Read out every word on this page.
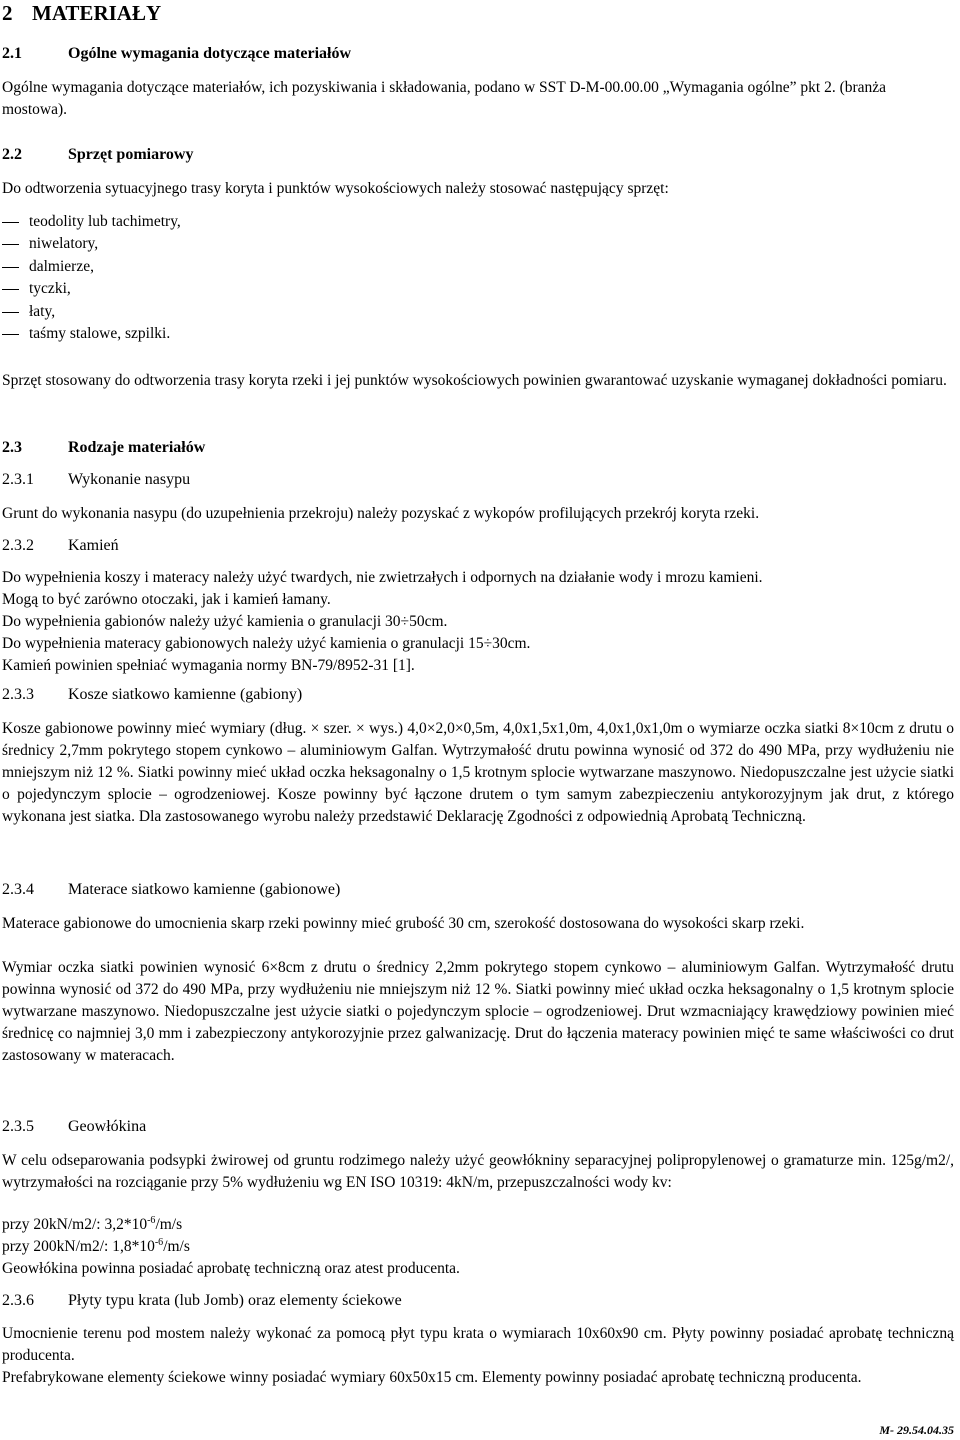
2 MATERIAŁY
2.1	Ogólne wymagania dotyczące materiałów
Ogólne wymagania dotyczące materiałów, ich pozyskiwania i składowania, podano w SST D-M-00.00.00 „Wymagania ogólne” pkt 2. (branża mostowa).
2.2	Sprzęt pomiarowy
Do odtworzenia sytuacyjnego trasy koryta i punktów wysokościowych należy stosować następujący sprzęt:
teodolity lub tachimetry,
niwelatory,
dalmierze,
tyczki,
łaty,
taśmy stalowe, szpilki.
Sprzęt stosowany do odtworzenia trasy koryta rzeki i jej punktów wysokościowych powinien gwarantować uzyskanie wymaganej dokładności pomiaru.
2.3	Rodzaje materiałów
2.3.1 Wykonanie nasypu
Grunt do wykonania nasypu (do uzupełnienia przekroju) należy pozyskać z wykopów profilujących przekrój koryta rzeki.
2.3.2 Kamień
Do wypełnienia koszy i materacy należy użyć twardych, nie zwietrzałych i odpornych na działanie wody i mrozu kamieni.
Mogą to być zarówno otoczaki, jak i kamień łamany.
Do wypełnienia gabionów należy użyć kamienia o granulacji 30÷50cm.
Do wypełnienia materacy gabionowych należy użyć kamienia o granulacji 15÷30cm.
Kamień powinien spełniać wymagania normy BN-79/8952-31 [1].
2.3.3 Kosze siatkowo kamienne (gabiony)
Kosze gabionowe powinny mieć wymiary (dług. × szer. × wys.) 4,0×2,0×0,5m, 4,0x1,5x1,0m, 4,0x1,0x1,0m o wymiarze oczka siatki 8×10cm z drutu o średnicy 2,7mm pokrytego stopem cynkowo – aluminiowym Galfan. Wytrzymałość drutu powinna wynosić od 372 do 490 MPa, przy wydłużeniu nie mniejszym niż 12 %. Siatki powinny mieć układ oczka heksagonalny o 1,5 krotnym splocie wytwarzane maszynowo. Niedopuszczalne jest użycie siatki o pojedynczym splocie – ogrodzeniowej. Kosze powinny być łączone drutem o tym samym zabezpieczeniu antykorozyjnym jak drut, z którego wykonana jest siatka. Dla zastosowanego wyrobu należy przedstawić Deklarację Zgodności z odpowiednią Aprobatą Techniczną.
2.3.4 Materace siatkowo kamienne (gabionowe)
Materace gabionowe do umocnienia skarp rzeki powinny mieć grubość 30 cm, szerokość dostosowana do wysokości skarp rzeki.
Wymiar oczka siatki powinien wynosić 6×8cm z drutu o średnicy 2,2mm pokrytego stopem cynkowo – aluminiowym Galfan. Wytrzymałość drutu powinna wynosić od 372 do 490 MPa, przy wydłużeniu nie mniejszym niż 12 %. Siatki powinny mieć układ oczka heksagonalny o 1,5 krotnym splocie wytwarzane maszynowo. Niedopuszczalne jest użycie siatki o pojedynczym splocie – ogrodzeniowej. Drut wzmacniający krawędziowy powinien mieć średnicę co najmniej 3,0 mm i zabezpieczony antykorozyjnie przez galwanizację. Drut do łączenia materacy powinien mięć te same właściwości co drut zastosowany w materacach.
2.3.5 Geowłókina
W celu odseparowania podsypki żwirowej od gruntu rodzimego należy użyć geowłókniny separacyjnej polipropylenowej o gramaturze min. 125g/m2/, wytrzymałości na rozciąganie przy 5% wydłużeniu wg EN ISO 10319: 4kN/m, przepuszczalności wody kv:
przy 20kN/m2/: $3,2*10^{-6}/m/s$
przy 200kN/m2/: $1,8*10^{-6}/m/s$
Geowłókina powinna posiadać aprobatę techniczną oraz atest producenta.
2.3.6 Płyty typu krata (lub Jomb) oraz elementy ściekowe
Umocnienie terenu pod mostem należy wykonać za pomocą płyt typu krata o wymiarach 10x60x90 cm. Płyty powinny posiadać aprobatę techniczną producenta.
Prefabrykowane elementy ściekowe winny posiadać wymiary 60x50x15 cm. Elementy powinny posiadać aprobatę techniczną producenta.
M- 29.54.04.35
